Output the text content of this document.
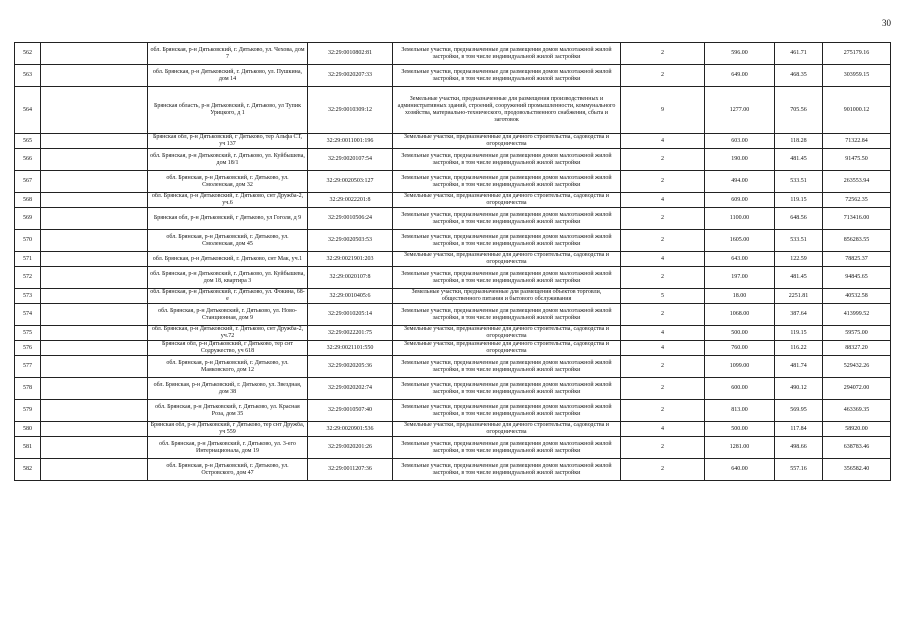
30
562		обл. Брянская, р-н Дятьковский, г. Дятьково, ул. Чехова, дом 7	32:29:0010802:81	Земельные участки, предназначенные для размещения домов малоэтажной жилой застройки, в том числе индивидуальной жилой застройки	2	596.00	461.71	275179.16
563		обл. Брянская, р-н Дятьковский, г. Дятьково, ул. Пушкина, дом 14	32:29:0020207:33	Земельные участки, предназначенные для размещения домов малоэтажной жилой застройки, в том числе индивидуальной жилой застройки	2	649.00	468.35	303959.15
564		Брянская область, р-н Дятьковский, г. Дятьково, ул Тупик Урицкого, д 1	32:29:0010309:12	Земельные участки, предназначенные для размещения производственных и административных зданий, строений, сооружений промышленности, коммунального хозяйства, материально-технического, продовольственного снабжения, сбыта и заготовок	9	1277.00	705.56	901000.12
565		Брянская обл, р-н Дятьковский, г Дятьково, тер Альфа СТ, уч 137	32:29:0011001:196	Земельные участки, предназначенные для дачного строительства, садоводства и огородничества	4	603.00	118.28	71322.84
566		обл. Брянская, р-н Дятьковский, г. Дятьково, ул. Куйбышева, дом 18/1	32:29:0020107:54	Земельные участки, предназначенные для размещения домов малоэтажной жилой застройки, в том числе индивидуальной жилой застройки	2	190.00	481.45	91475.50
567		обл. Брянская, р-н Дятьковский, г. Дятьково, ул. Смоленская, дом 32	32:29:0020503:127	Земельные участки, предназначенные для размещения домов малоэтажной жилой застройки, в том числе индивидуальной жилой застройки	2	494.00	533.51	263553.94
568		обл. Брянская, р-н Дятьковский, г. Дятьково, снт Дружба-2, уч.6	32:29:0022201:8	Земельные участки, предназначенные для дачного строительства, садоводства и огородничества	4	609.00	119.15	72562.35
569		Брянская обл, р-н Дятьковский, г Дятьково, ул Гоголя, д 9	32:29:0010506:24	Земельные участки, предназначенные для размещения домов малоэтажной жилой застройки, в том числе индивидуальной жилой застройки	2	1100.00	648.56	713416.00
570		обл. Брянская, р-н Дятьковский, г. Дятьково, ул. Смоленская, дом 45	32:29:0020503:53	Земельные участки, предназначенные для размещения домов малоэтажной жилой застройки, в том числе индивидуальной жилой застройки	2	1605.00	533.51	856283.55
571		обл. Брянская, р-н Дятьковский, г. Дятьково, снт Мак, уч.1	32:29:0021901:203	Земельные участки, предназначенные для дачного строительства, садоводства и огородничества	4	643.00	122.59	78825.37
572		обл. Брянская, р-н Дятьковский, г. Дятьково, ул. Куйбышева, дом 18, квартира 3	32:29:0020107:8	Земельные участки, предназначенные для размещения домов малоэтажной жилой застройки, в том числе индивидуальной жилой застройки	2	197.00	481.45	94845.65
573		обл. Брянская, р-н Дятьковский, г. Дятьково, ул. Фокина, 68-е	32:29:0010405:6	Земельные участки, предназначенные для размещения объектов торговли, общественного питания и бытового обслуживания	5	18.00	2251.81	40532.58
574		обл. Брянская, р-н Дятьковский, г. Дятьково, ул. Ново-Станционная, дом 9	32:29:0010205:14	Земельные участки, предназначенные для размещения домов малоэтажной жилой застройки, в том числе индивидуальной жилой застройки	2	1068.00	387.64	413999.52
575		обл. Брянская, р-н Дятьковский, г. Дятьково, снт Дружба-2, уч.72	32:29:0022201:75	Земельные участки, предназначенные для дачного строительства, садоводства и огородничества	4	500.00	119.15	59575.00
576		Брянская обл, р-н Дятьковский, г Дятьково, тер снт Содружество, уч 618	32:29:0021101:550	Земельные участки, предназначенные для дачного строительства, садоводства и огородничества	4	760.00	116.22	88327.20
577		обл. Брянская, р-н Дятьковский, г. Дятьково, ул. Маяковского, дом 12	32:29:0020205:36	Земельные участки, предназначенные для размещения домов малоэтажной жилой застройки, в том числе индивидуальной жилой застройки	2	1099.00	481.74	529432.26
578		обл. Брянская, р-н Дятьковский, г. Дятьково, ул. Звездная, дом 38	32:29:0020202:74	Земельные участки, предназначенные для размещения домов малоэтажной жилой застройки, в том числе индивидуальной жилой застройки	2	600.00	490.12	294072.00
579		обл. Брянская, р-н Дятьковский, г. Дятьково, ул. Красная Роза, дом 35	32:29:0010507:40	Земельные участки, предназначенные для размещения домов малоэтажной жилой застройки, в том числе индивидуальной жилой застройки	2	813.00	569.95	463369.35
580		Брянская обл, р-н Дятьковский, г Дятьково, тер снт Дружба, уч 559	32:29:0020901:536	Земельные участки, предназначенные для дачного строительства, садоводства и огородничества	4	500.00	117.84	58920.00
581		обл. Брянская, р-н Дятьковский, г. Дятьково, ул. 3-его Интернационала, дом 19	32:29:0020201:26	Земельные участки, предназначенные для размещения домов малоэтажной жилой застройки, в том числе индивидуальной жилой застройки	2	1281.00	498.66	638783.46
582		обл. Брянская, р-н Дятьковский, г. Дятьково, ул. Островского, дом 47	32:29:0011207:36	Земельные участки, предназначенные для размещения домов малоэтажной жилой застройки, в том числе индивидуальной жилой застройки	2	640.00	557.16	356582.40
